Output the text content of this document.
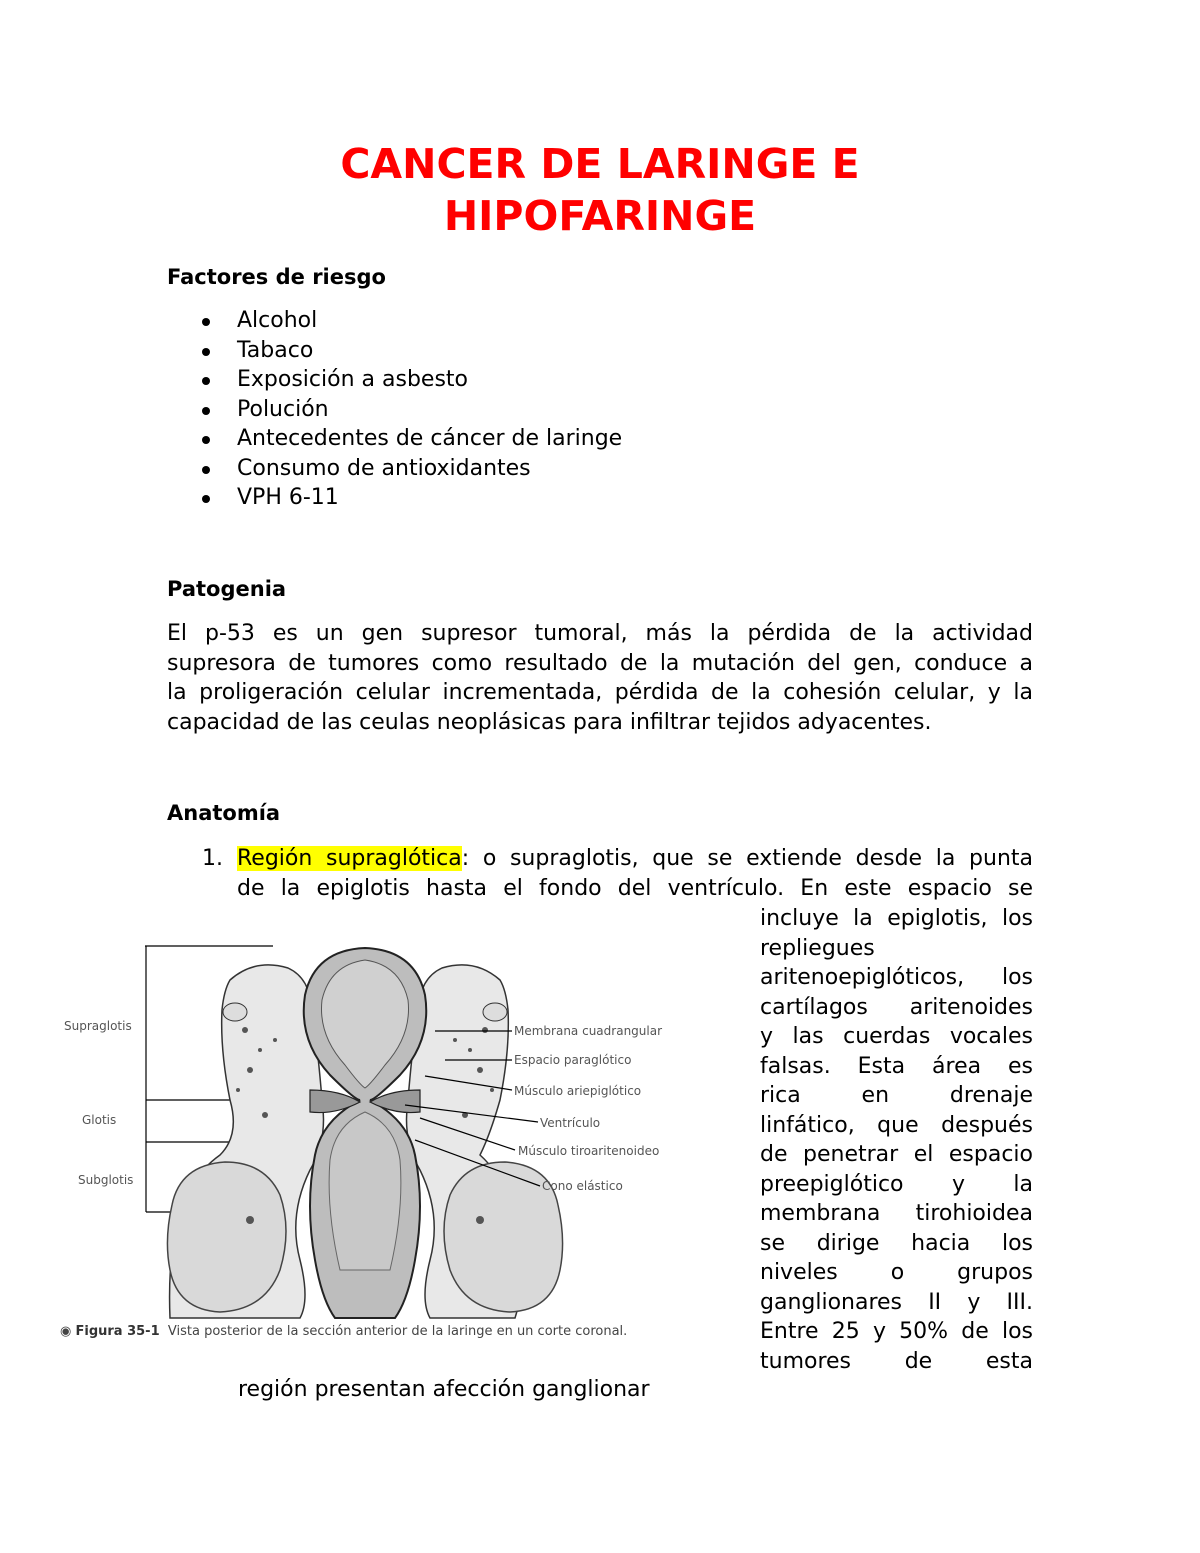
CANCER DE LARINGE E
HIPOFARINGE
Factores de riesgo
Alcohol
Tabaco
Exposición a asbesto
Polución
Antecedentes de cáncer de laringe
Consumo de antioxidantes
VPH 6-11
Patogenia
El p-53 es un gen supresor tumoral, más la pérdida de la actividad
supresora de tumores como resultado de la mutación del gen, conduce a
la proligeración celular incrementada, pérdida de la cohesión celular, y la
capacidad de las ceulas neoplásicas para infiltrar tejidos adyacentes.
Anatomía
1. Región supraglótica: o supraglotis, que se extiende desde la punta
de la epiglotis hasta el fondo del ventrículo. En este espacio se
incluye la epiglotis, los
repliegues
aritenoepiglóticos, los
cartílagos aritenoides
y las cuerdas vocales
falsas. Esta área es
rica en drenaje
linfático, que después
de penetrar el espacio
preepiglótico y la
membrana tirohioidea
se dirige hacia los
niveles o grupos
ganglionares II y III.
Entre 25 y 50% de los
tumores de esta
región presentan afección ganglionar
Supraglotis
Glotis
Subglotis
Membrana cuadrangular
Espacio paraglótico
Músculo ariepiglótico
Ventrículo
Músculo tiroaritenoideo
Cono elástico
◉ Figura 35-1 Vista posterior de la sección anterior de la laringe en un corte coronal.
